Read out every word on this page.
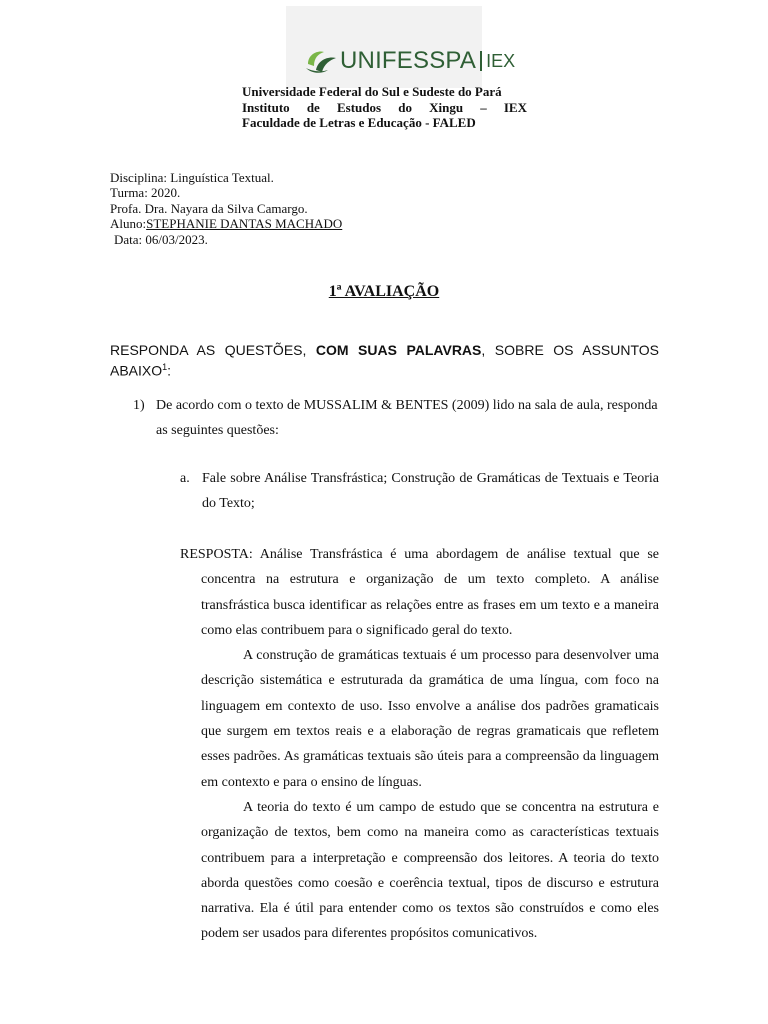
UNIFESSPA IEX
Universidade Federal do Sul e Sudeste do Pará
Instituto de Estudos do Xingu – IEX
Faculdade de Letras e Educação - FALED
Disciplina: Linguística Textual.
Turma: 2020.
Profa. Dra. Nayara da Silva Camargo.
Aluno:STEPHANIE DANTAS MACHADO
Data: 06/03/2023.
1ª AVALIAÇÃO
RESPONDA AS QUESTÕES, COM SUAS PALAVRAS, SOBRE OS ASSUNTOS ABAIXO$^1$:
1) De acordo com o texto de MUSSALIM & BENTES (2009) lido na sala de aula, responda as seguintes questões:
a. Fale sobre Análise Transfrástica; Construção de Gramáticas de Textuais e Teoria do Texto;

RESPOSTA: Análise Transfrástica é uma abordagem de análise textual que se concentra na estrutura e organização de um texto completo. A análise transfrástica busca identificar as relações entre as frases em um texto e a maneira como elas contribuem para o significado geral do texto.

A construção de gramáticas textuais é um processo para desenvolver uma descrição sistemática e estruturada da gramática de uma língua, com foco na linguagem em contexto de uso. Isso envolve a análise dos padrões gramaticais que surgem em textos reais e a elaboração de regras gramaticais que refletem esses padrões. As gramáticas textuais são úteis para a compreensão da linguagem em contexto e para o ensino de línguas.

A teoria do texto é um campo de estudo que se concentra na estrutura e organização de textos, bem como na maneira como as características textuais contribuem para a interpretação e compreensão dos leitores. A teoria do texto aborda questões como coesão e coerência textual, tipos de discurso e estrutura narrativa. Ela é útil para entender como os textos são construídos e como eles podem ser usados para diferentes propósitos comunicativos.
